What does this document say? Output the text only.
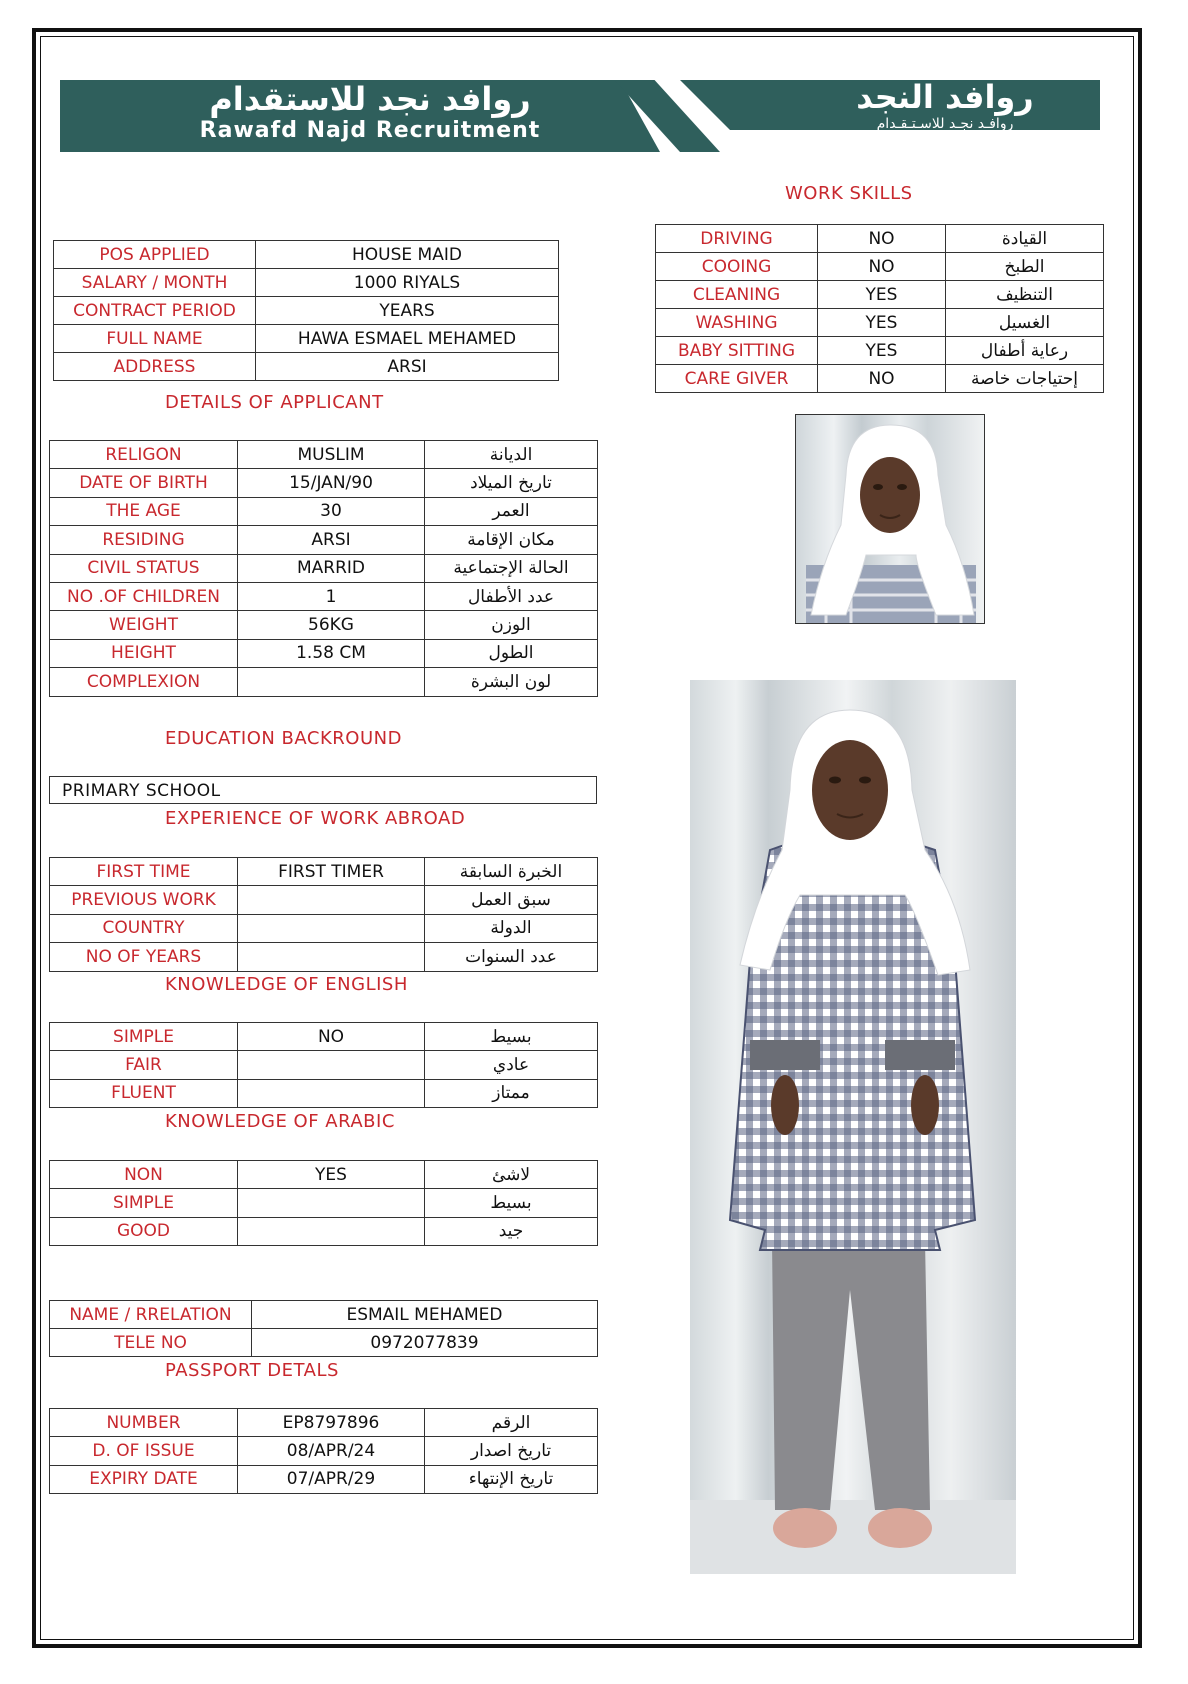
روافد نجد للاستقدام
Rawafd Najd Recruitment
روافد النجد
روافـد نجـد للاسـتـقـدام
WORK SKILLS
DRIVING	NO	القيادة
COOING	NO	الطبخ
CLEANING	YES	التنظيف
WASHING	YES	الغسيل
BABY SITTING	YES	رعاية أطفال
CARE GIVER	NO	إحتياجات خاصة
POS APPLIED	HOUSE MAID
SALARY / MONTH	1000 RIYALS
CONTRACT PERIOD	YEARS
FULL NAME	HAWA ESMAEL MEHAMED
ADDRESS	ARSI
DETAILS OF APPLICANT
RELIGON	MUSLIM	الديانة
DATE OF BIRTH	15/JAN/90	تاريخ الميلاد
THE AGE	30	العمر
RESIDING	ARSI	مكان الإقامة
CIVIL STATUS	MARRID	الحالة الإجتماعية
NO .OF CHILDREN	1	عدد الأطفال
WEIGHT	56KG	الوزن
HEIGHT	1.58 CM	الطول
COMPLEXION		لون البشرة
EDUCATION BACKROUND
PRIMARY SCHOOL
EXPERIENCE OF WORK ABROAD
FIRST TIME	FIRST TIMER	الخبرة السابقة
PREVIOUS WORK		سبق العمل
COUNTRY		الدولة
NO OF YEARS		عدد السنوات
KNOWLEDGE OF ENGLISH
SIMPLE	NO	بسيط
FAIR		عادي
FLUENT		ممتاز
KNOWLEDGE OF ARABIC
NON	YES	لاشئ
SIMPLE		بسيط
GOOD		جيد
NAME / RRELATION	ESMAIL MEHAMED
TELE NO	0972077839
PASSPORT DETALS
NUMBER	EP8797896	الرقم
D. OF ISSUE	08/APR/24	تاريخ اصدار
EXPIRY DATE	07/APR/29	تاريخ الإنتهاء
